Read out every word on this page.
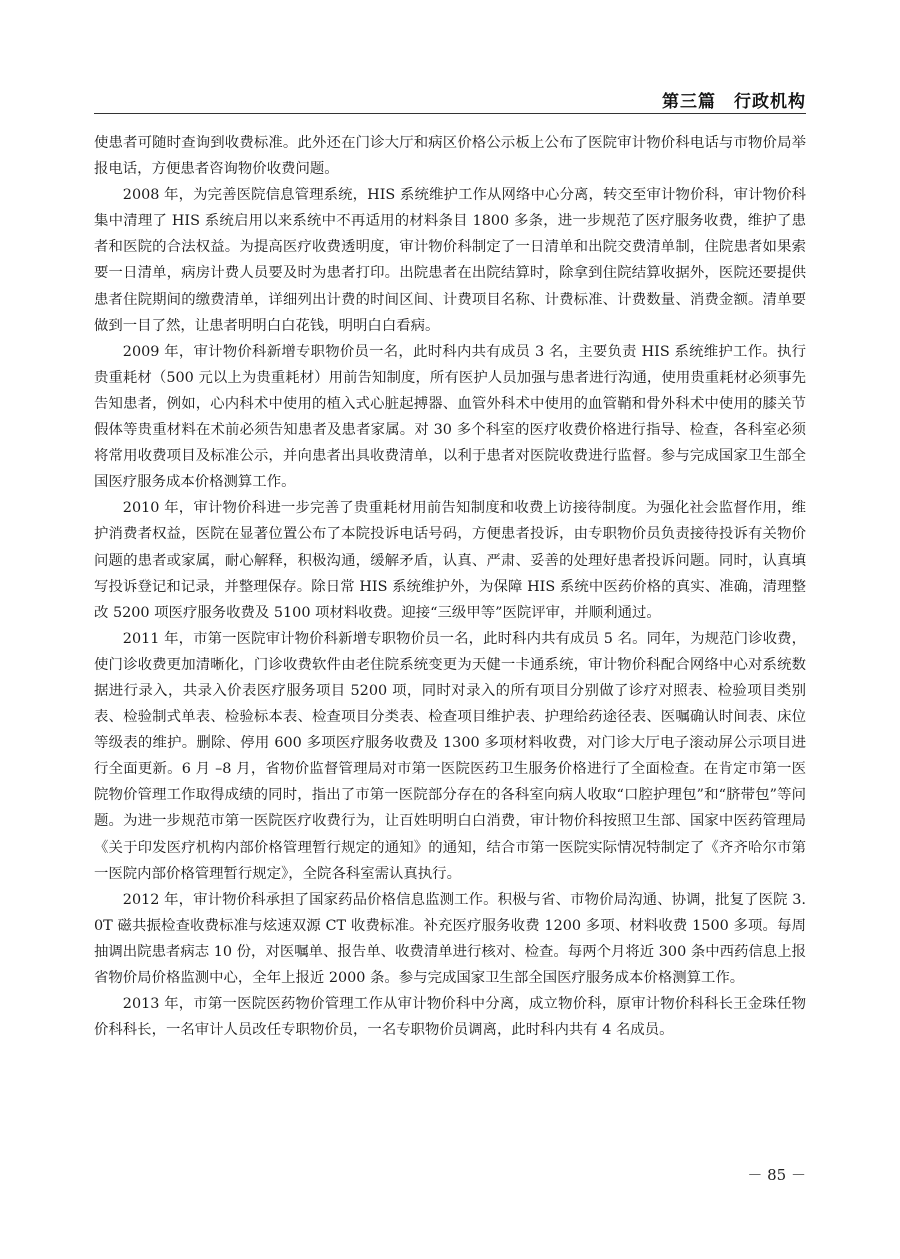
第三篇　行政机构

使患者可随时查询到收费标准。此外还在门诊大厅和病区价格公示板上公布了医院审计物价科电话与市物价局举报电话，方便患者咨询物价收费问题。

2008 年，为完善医院信息管理系统，HIS 系统维护工作从网络中心分离，转交至审计物价科，审计物价科集中清理了 HIS 系统启用以来系统中不再适用的材料条目 1800 多条，进一步规范了医疗服务收费，维护了患者和医院的合法权益。为提高医疗收费透明度，审计物价科制定了一日清单和出院交费清单制，住院患者如果索要一日清单，病房计费人员要及时为患者打印。出院患者在出院结算时，除拿到住院结算收据外，医院还要提供患者住院期间的缴费清单，详细列出计费的时间区间、计费项目名称、计费标准、计费数量、消费金额。清单要做到一目了然，让患者明明白白花钱，明明白白看病。

2009 年，审计物价科新增专职物价员一名，此时科内共有成员 3 名，主要负责 HIS 系统维护工作。执行贵重耗材（500 元以上为贵重耗材）用前告知制度，所有医护人员加强与患者进行沟通，使用贵重耗材必须事先告知患者，例如，心内科术中使用的植入式心脏起搏器、血管外科术中使用的血管鞘和骨外科术中使用的膝关节假体等贵重材料在术前必须告知患者及患者家属。对 30 多个科室的医疗收费价格进行指导、检查，各科室必须将常用收费项目及标准公示，并向患者出具收费清单，以利于患者对医院收费进行监督。参与完成国家卫生部全国医疗服务成本价格测算工作。

2010 年，审计物价科进一步完善了贵重耗材用前告知制度和收费上访接待制度。为强化社会监督作用，维护消费者权益，医院在显著位置公布了本院投诉电话号码，方便患者投诉，由专职物价员负责接待投诉有关物价问题的患者或家属，耐心解释，积极沟通，缓解矛盾，认真、严肃、妥善的处理好患者投诉问题。同时，认真填写投诉登记和记录，并整理保存。除日常 HIS 系统维护外，为保障 HIS 系统中医药价格的真实、准确，清理整改 5200 项医疗服务收费及 5100 项材料收费。迎接“三级甲等”医院评审，并顺利通过。

2011 年，市第一医院审计物价科新增专职物价员一名，此时科内共有成员 5 名。同年，为规范门诊收费，使门诊收费更加清晰化，门诊收费软件由老住院系统变更为天健一卡通系统，审计物价科配合网络中心对系统数据进行录入，共录入价表医疗服务项目 5200 项，同时对录入的所有项目分别做了诊疗对照表、检验项目类别表、检验制式单表、检验标本表、检查项目分类表、检查项目维护表、护理给药途径表、医嘱确认时间表、床位等级表的维护。删除、停用 600 多项医疗服务收费及 1300 多项材料收费，对门诊大厅电子滚动屏公示项目进行全面更新。6 月 –8 月，省物价监督管理局对市第一医院医药卫生服务价格进行了全面检查。在肯定市第一医院物价管理工作取得成绩的同时，指出了市第一医院部分存在的各科室向病人收取“口腔护理包”和“脐带包”等问题。为进一步规范市第一医院医疗收费行为，让百姓明明白白消费，审计物价科按照卫生部、国家中医药管理局《关于印发医疗机构内部价格管理暂行规定的通知》的通知，结合市第一医院实际情况特制定了《齐齐哈尔市第一医院内部价格管理暂行规定》，全院各科室需认真执行。

2012 年，审计物价科承担了国家药品价格信息监测工作。积极与省、市物价局沟通、协调，批复了医院 3.0T 磁共振检查收费标准与炫速双源 CT 收费标准。补充医疗服务收费 1200 多项、材料收费 1500 多项。每周抽调出院患者病志 10 份，对医嘱单、报告单、收费清单进行核对、检查。每两个月将近 300 条中西药信息上报省物价局价格监测中心，全年上报近 2000 条。参与完成国家卫生部全国医疗服务成本价格测算工作。

2013 年，市第一医院医药物价管理工作从审计物价科中分离，成立物价科，原审计物价科科长王金珠任物价科科长，一名审计人员改任专职物价员，一名专职物价员调离，此时科内共有 4 名成员。

－ 85 －
